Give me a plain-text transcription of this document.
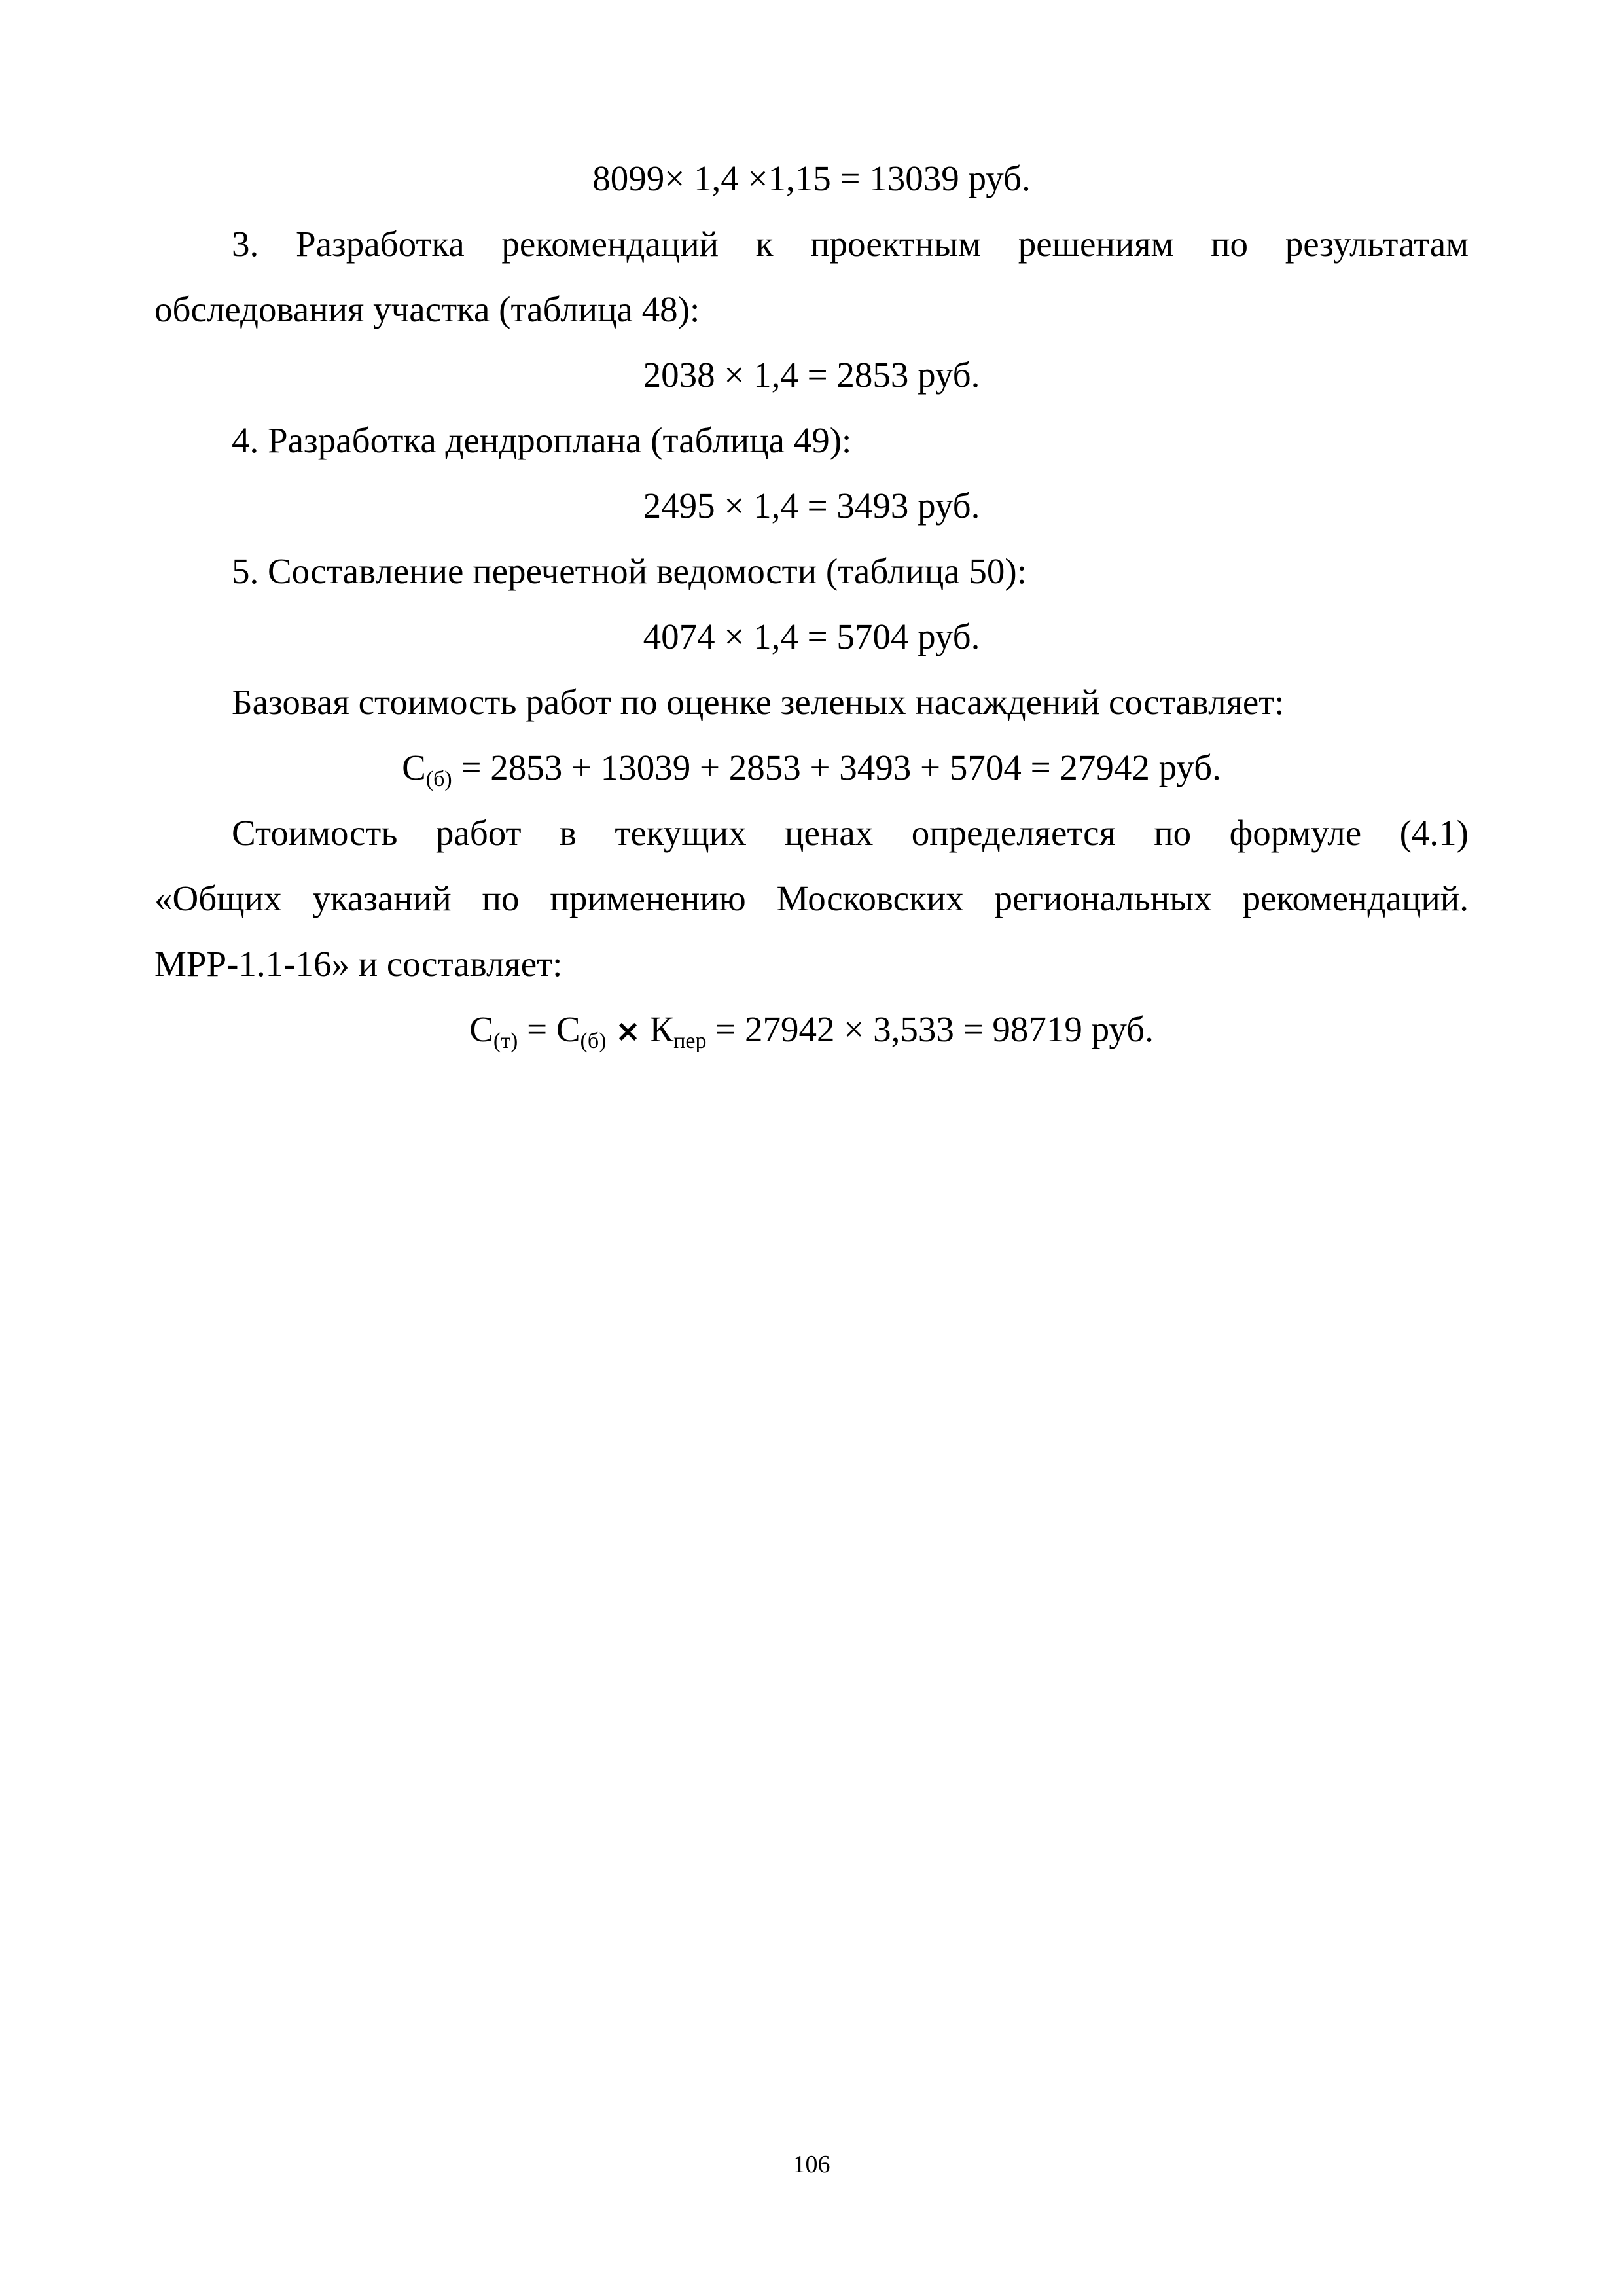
8099× 1,4 ×1,15 = 13039 руб.
3. Разработка рекомендаций к проектным решениям по результатам
обследования участка (таблица 48):
2038 × 1,4 = 2853 руб.
4. Разработка дендроплана (таблица 49):
2495 × 1,4 = 3493 руб.
5. Составление перечетной ведомости (таблица 50):
4074 × 1,4 = 5704 руб.
Базовая стоимость работ по оценке зеленых насаждений составляет:
$С_{(б)} = 2853 + 13039 + 2853 + 3493 + 5704 = 27942$ руб.
Стоимость работ в текущих ценах определяется по формуле (4.1)
«Общих указаний по применению Московских региональных рекомендаций.
МРР-1.1-16» и составляет:
$С_{(т)} = С_{(б)} \times К_{пер} = 27942 \times 3,533 = 98719$ руб.
106
